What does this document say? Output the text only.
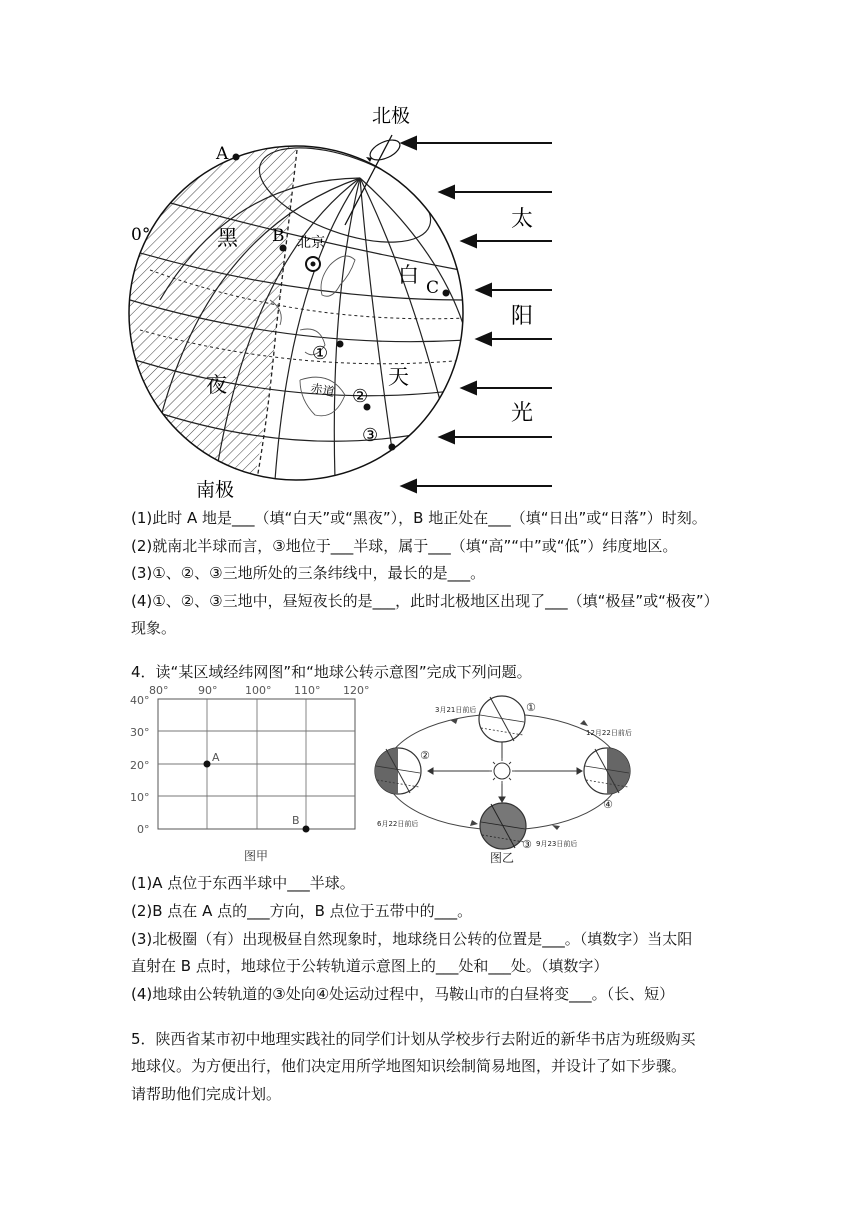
北极
南极
0°
A
B
C
北京
赤道
黑
夜
白
天
太
阳
光
①
②
③
(1)此时 A 地是___（填“白天”或“黑夜”），B 地正处在___（填“日出”或“日落”）时刻。
(2)就南北半球而言，③地位于___半球，属于___（填“高”“中”或“低”）纬度地区。
(3)①、②、③三地所处的三条纬线中，最长的是___。
(4)①、②、③三地中，昼短夜长的是___，此时北极地区出现了___（填“极昼”或“极夜”）
现象。
4．读“某区域经纬网图”和“地球公转示意图”完成下列问题。
80°	90°	100° 110° 120°
40°
30°
20°
10°
0°
A
B
图甲
3月21日前后
12月22日前后
6月22日前后
9月23日前后
①
②
③
④
图乙
(1)A 点位于东西半球中___半球。
(2)B 点在 A 点的___方向，B 点位于五带中的___。
(3)北极圈（有）出现极昼自然现象时，地球绕日公转的位置是___。（填数字）当太阳
直射在 B 点时，地球位于公转轨道示意图上的___处和___处。（填数字）
(4)地球由公转轨道的③处向④处运动过程中，马鞍山市的白昼将变___。（长、短）
5．陕西省某市初中地理实践社的同学们计划从学校步行去附近的新华书店为班级购买
地球仪。为方便出行，他们决定用所学地图知识绘制简易地图，并设计了如下步骤。
请帮助他们完成计划。
